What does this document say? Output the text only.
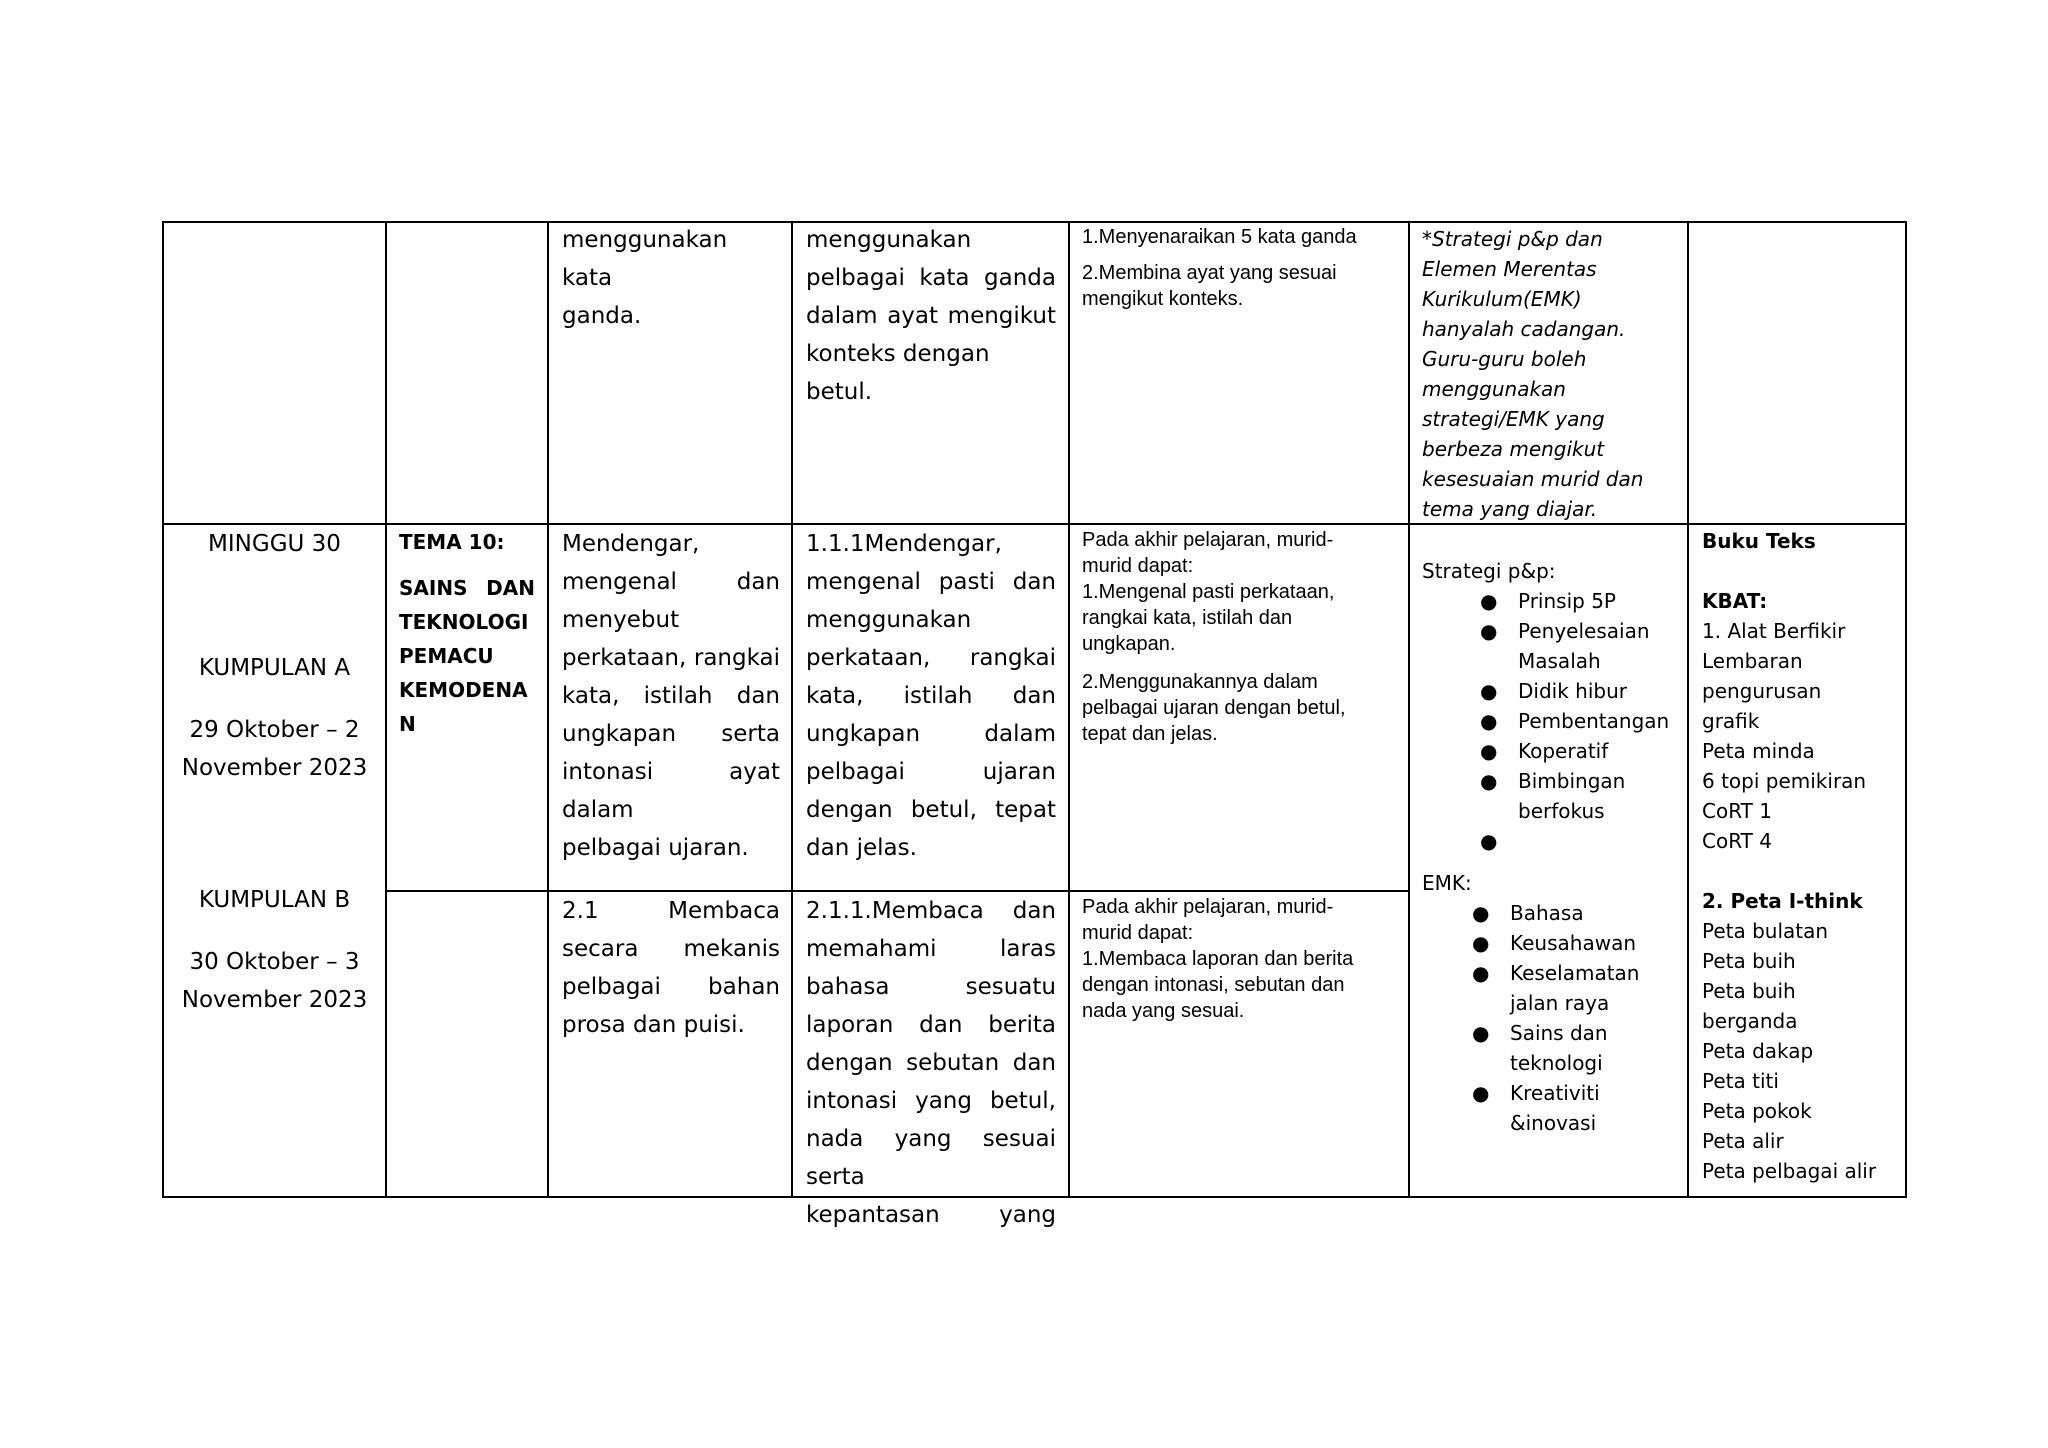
menggunakan kata
ganda.
menggunakan
pelbagai kata ganda
dalam ayat mengikut
konteks dengan betul.
1.Menyenaraikan 5 kata ganda
2.Membina ayat yang sesuai mengikut konteks.
*Strategi p&p dan Elemen Merentas Kurikulum(EMK) hanyalah cadangan. Guru-guru boleh menggunakan strategi/EMK yang berbeza mengikut kesesuaian murid dan tema yang diajar.
MINGGU 30
KUMPULAN A
29 Oktober – 2
November 2023
KUMPULAN B
30 Oktober – 3
November 2023
TEMA 10:
SAINS DAN
TEKNOLOGI
PEMACU
KEMODENA
N
Mendengar,
mengenal dan
menyebut
perkataan, rangkai
kata, istilah dan
ungkapan serta
intonasi ayat dalam
pelbagai ujaran.
1.1.1Mendengar,
mengenal pasti dan
menggunakan
perkataan, rangkai
kata, istilah dan
ungkapan dalam
pelbagai ujaran
dengan betul, tepat
dan jelas.
Pada akhir pelajaran, murid-murid dapat:
1.Mengenal pasti perkataan, rangkai kata, istilah dan ungkapan.
2.Menggunakannya dalam pelbagai ujaran dengan betul, tepat dan jelas.
Strategi p&p:
● Prinsip 5P
● Penyelesaian Masalah
● Didik hibur
● Pembentangan
● Koperatif
● Bimbingan berfokus
●

EMK:
● Bahasa
● Keusahawan
● Keselamatan jalan raya
● Sains dan teknologi
● Kreativiti &inovasi
Buku Teks
KBAT:
1. Alat Berfikir
Lembaran
pengurusan
grafik
Peta minda
6 topi pemikiran
CoRT 1
CoRT 4
2. Peta I-think
Peta bulatan
Peta buih
Peta buih
berganda
Peta dakap
Peta titi
Peta pokok
Peta alir
Peta pelbagai alir
2.1 Membaca
secara mekanis
pelbagai bahan
prosa dan puisi.
2.1.1.Membaca dan
memahami laras
bahasa sesuatu
laporan dan berita
dengan sebutan dan
intonasi yang betul,
nada yang sesuai serta
kepantasan yang
Pada akhir pelajaran, murid-murid dapat:
1.Membaca laporan dan berita dengan intonasi, sebutan dan nada yang sesuai.
